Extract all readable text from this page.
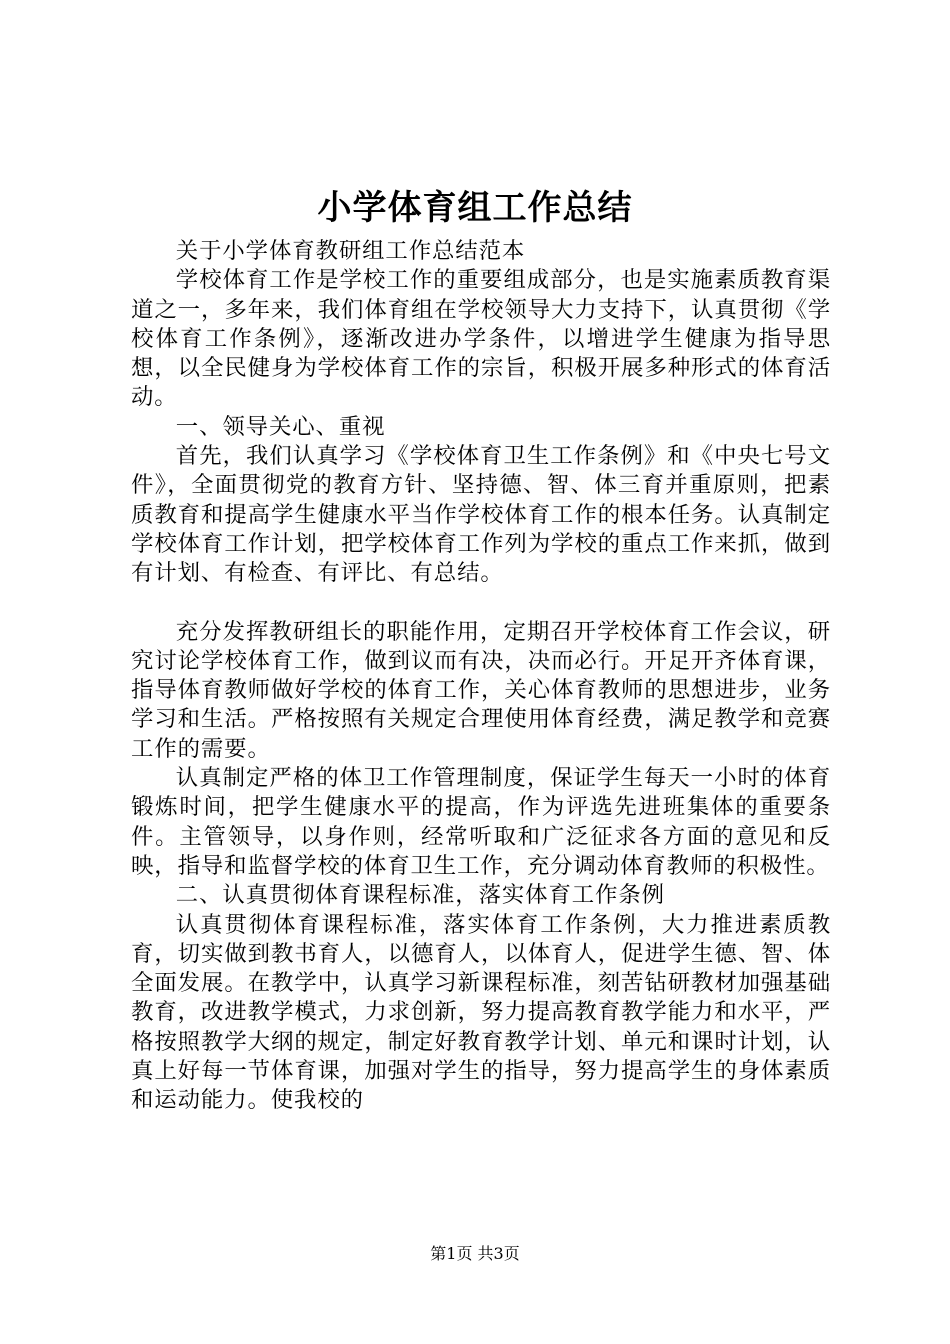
小学体育组工作总结

关于小学体育教研组工作总结范本

学校体育工作是学校工作的重要组成部分，也是实施素质教育渠道之一，多年来，我们体育组在学校领导大力支持下，认真贯彻《学校体育工作条例》，逐渐改进办学条件，以增进学生健康为指导思想，以全民健身为学校体育工作的宗旨，积极开展多种形式的体育活动。

一、领导关心、重视

首先，我们认真学习《学校体育卫生工作条例》和《中央七号文件》，全面贯彻党的教育方针、坚持德、智、体三育并重原则，把素质教育和提高学生健康水平当作学校体育工作的根本任务。认真制定学校体育工作计划，把学校体育工作列为学校的重点工作来抓，做到有计划、有检查、有评比、有总结。

充分发挥教研组长的职能作用，定期召开学校体育工作会议，研究讨论学校体育工作，做到议而有决，决而必行。开足开齐体育课，指导体育教师做好学校的体育工作，关心体育教师的思想进步，业务学习和生活。严格按照有关规定合理使用体育经费，满足教学和竞赛工作的需要。

认真制定严格的体卫工作管理制度，保证学生每天一小时的体育锻炼时间，把学生健康水平的提高，作为评选先进班集体的重要条件。主管领导，以身作则，经常听取和广泛征求各方面的意见和反映，指导和监督学校的体育卫生工作，充分调动体育教师的积极性。

二、认真贯彻体育课程标准，落实体育工作条例

认真贯彻体育课程标准，落实体育工作条例，大力推进素质教育，切实做到教书育人，以德育人，以体育人，促进学生德、智、体全面发展。在教学中，认真学习新课程标准，刻苦钻研教材加强基础教育，改进教学模式，力求创新，努力提高教育教学能力和水平，严格按照教学大纲的规定，制定好教育教学计划、单元和课时计划，认真上好每一节体育课，加强对学生的指导，努力提高学生的身体素质和运动能力。使我校的

第1页 共3页
